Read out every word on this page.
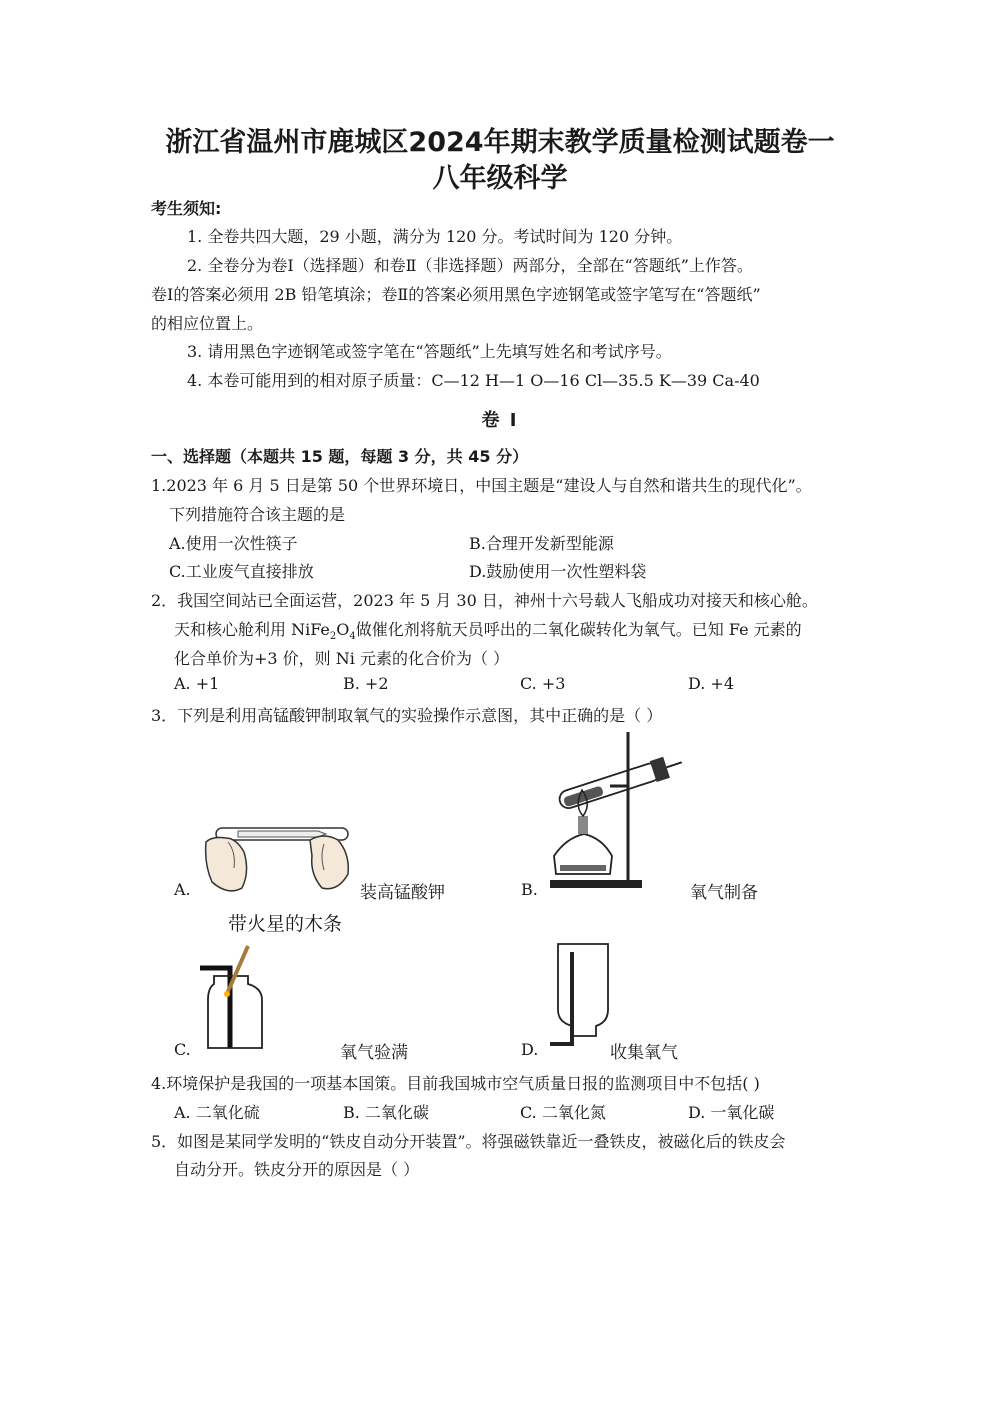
浙江省温州市鹿城区2024年期末教学质量检测试题卷一
八年级科学
考生须知:
1. 全卷共四大题，29 小题，满分为 120 分。考试时间为 120 分钟。
2. 全卷分为卷Ⅰ（选择题）和卷Ⅱ（非选择题）两部分，全部在“答题纸”上作答。
卷Ⅰ的答案必须用 2B 铅笔填涂；卷Ⅱ的答案必须用黑色字迹钢笔或签字笔写在“答题纸”
的相应位置上。
3. 请用黑色字迹钢笔或签字笔在“答题纸”上先填写姓名和考试序号。
4. 本卷可能用到的相对原子质量：C—12 H—1 O—16 Cl—35.5 K—39 Ca-40
卷 I
一、选择题（本题共 15 题，每题 3 分，共 45 分）
1.2023 年 6 月 5 日是第 50 个世界环境日，中国主题是“建设人与自然和谐共生的现代化”。
下列措施符合该主题的是
A.使用一次性筷子	B.合理开发新型能源
C.工业废气直接排放	D.鼓励使用一次性塑料袋
2．我国空间站已全面运营，2023 年 5 月 30 日，神州十六号载人飞船成功对接天和核心舱。
天和核心舱利用 $NiFe_2O_4$做催化剂将航天员呼出的二氧化碳转化为氧气。已知 Fe 元素的
化合单价为+3 价，则 Ni 元素的化合价为（ ）
A. +1	B. +2	C. +3	D. +4
3．下列是利用高锰酸钾制取氧气的实验操作示意图，其中正确的是（ ）
A.	装高锰酸钾	B.	氧气制备
带火星的木条
C.	氧气验满	D.	收集氧气
4.环境保护是我国的一项基本国策。目前我国城市空气质量日报的监测项目中不包括( )
A. 二氧化硫	B. 二氧化碳	C. 二氧化氮	D. 一氧化碳
5．如图是某同学发明的“铁皮自动分开装置”。将强磁铁靠近一叠铁皮，被磁化后的铁皮会
自动分开。铁皮分开的原因是（ ）
